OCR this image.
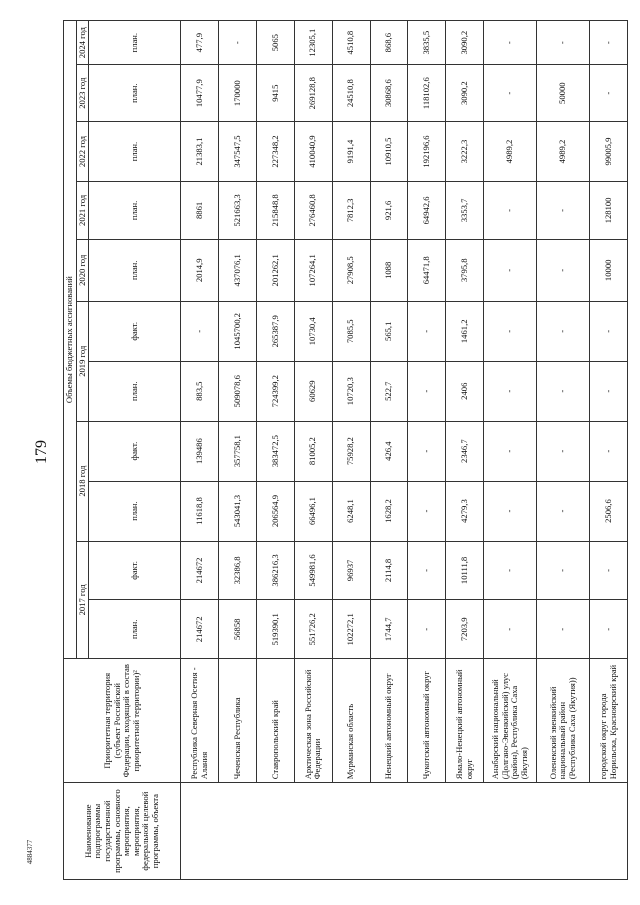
179
4884377	Наименование подпрограммы государственной программы, основного мероприятия, мероприятия, федеральной целевой программы, объекта	Приоритетная территория (субъект Российской Федерации, входящий в состав приоритетной территории)²	Объемы бюджетных ассигнований										
		2017 год		2018 год		2019 год		2020 год	2021 год	2022 год	2023 год	2024 год
		план.	факт.	план.	факт.	план.	факт.	план.	план.	план.	план.	план.
	Республика Северная Осетия - Алания	214672	214672	11618,8	139486	883,5	-	2014,9	8861	21383,1	10477,9	477,9
	Чеченская Республика	56858	32386,8	543041,3	357758,1	509078,6	1045700,2	437076,1	521663,3	347547,5	170000	-
	Ставропольский край	519390,1	386216,3	206564,9	383472,5	724399,2	265387,9	201262,1	215848,8	227348,2	9415	5065
	Арктическая зона Российской Федерации	551726,2	549981,6	66496,1	81005,2	60629	10730,4	107264,1	276460,8	410040,9	269128,8	12305,1
	Мурманская область	102272,1	96937	6248,1	75928,2	10720,3	7085,5	27908,5	7812,3	9191,4	24510,8	4510,8
	Ненецкий автономный округ	1744,7	2114,8	1628,2	426,4	522,7	565,1	1088	921,6	10910,5	30868,6	868,6
	Чукотский автономный округ	-	-	-	-	-	-	64471,8	64942,6	192196,6	118102,6	3835,5
	Ямало-Ненецкий автономный округ	7203,9	10111,8	4279,3	2346,7	2406	1461,2	3795,8	3353,7	3222,3	3090,2	3090,2
	Анабарский национальный (Долгано-Эвенкийский) улус (район), Республика Саха (Якутия)	-	-	-	-	-	-	-	-	4989,2	-	-
	Оленекский эвенкийский национальный район (Республика Саха (Якутия))	-	-	-	-	-	-	-	-	4989,2	50000	-
	городской округ города Норильска, Красноярский край	-	-	2506,6	-	-	-	10000	128100	99005,9	-	-
